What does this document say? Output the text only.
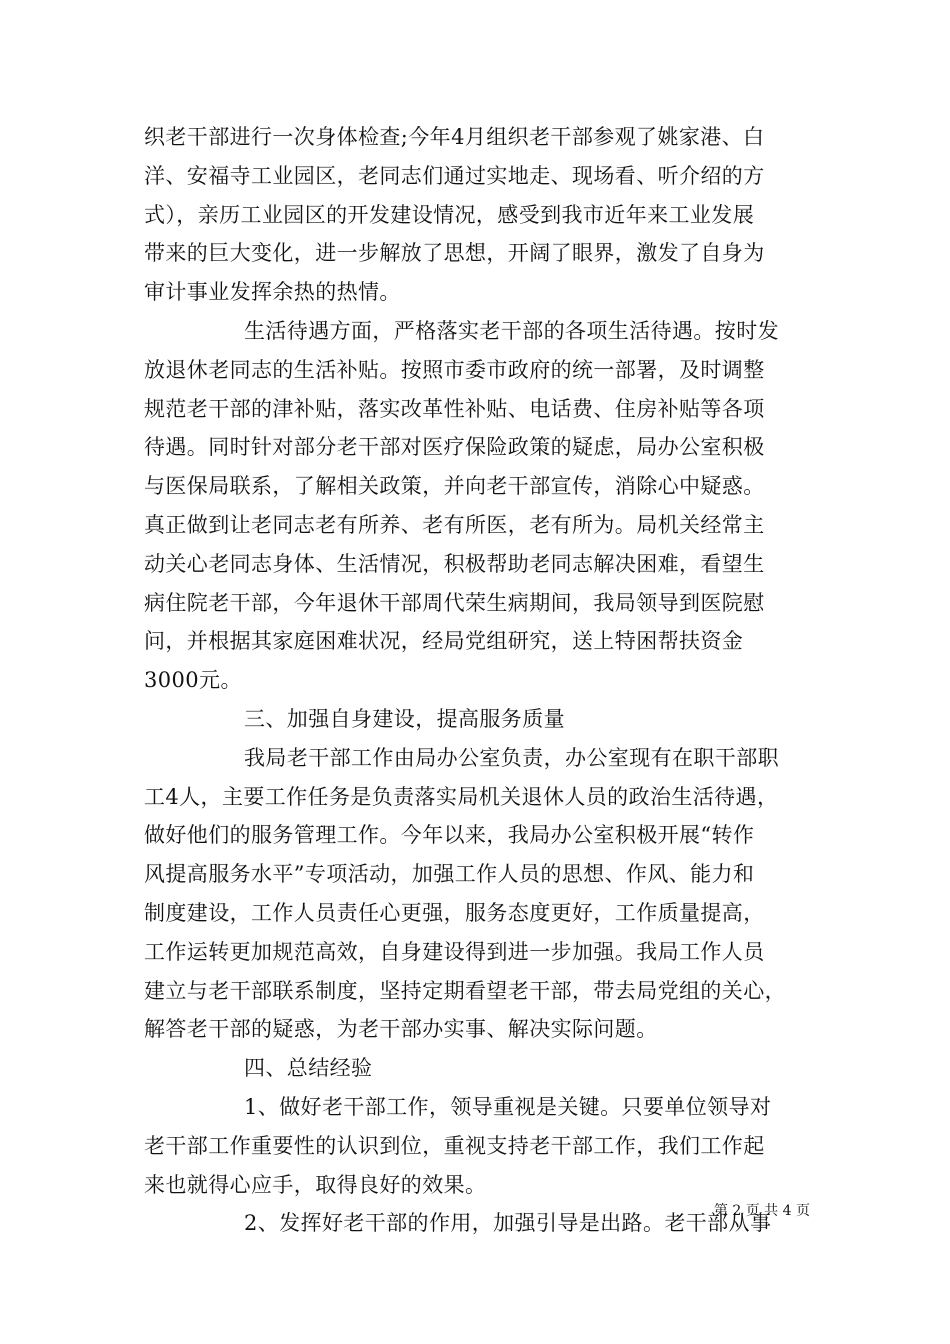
织老干部进行一次身体检查;今年4月组织老干部参观了姚家港、白
洋、安福寺工业园区，老同志们通过实地走、现场看、听介绍的方
式），亲历工业园区的开发建设情况，感受到我市近年来工业发展
带来的巨大变化，进一步解放了思想，开阔了眼界，激发了自身为
审计事业发挥余热的热情。
生活待遇方面，严格落实老干部的各项生活待遇。按时发
放退休老同志的生活补贴。按照市委市政府的统一部署，及时调整
规范老干部的津补贴，落实改革性补贴、电话费、住房补贴等各项
待遇。同时针对部分老干部对医疗保险政策的疑虑，局办公室积极
与医保局联系，了解相关政策，并向老干部宣传，消除心中疑惑。
真正做到让老同志老有所养、老有所医，老有所为。局机关经常主
动关心老同志身体、生活情况，积极帮助老同志解决困难，看望生
病住院老干部，今年退休干部周代荣生病期间，我局领导到医院慰
问，并根据其家庭困难状况，经局党组研究，送上特困帮扶资金
3000元。
三、加强自身建设，提高服务质量
我局老干部工作由局办公室负责，办公室现有在职干部职
工4人，主要工作任务是负责落实局机关退休人员的政治生活待遇，
做好他们的服务管理工作。今年以来，我局办公室积极开展“转作
风提高服务水平”专项活动，加强工作人员的思想、作风、能力和
制度建设，工作人员责任心更强，服务态度更好，工作质量提高，
工作运转更加规范高效，自身建设得到进一步加强。我局工作人员
建立与老干部联系制度，坚持定期看望老干部，带去局党组的关心，
解答老干部的疑惑，为老干部办实事、解决实际问题。
四、总结经验
1、做好老干部工作，领导重视是关键。只要单位领导对
老干部工作重要性的认识到位，重视支持老干部工作，我们工作起
来也就得心应手，取得良好的效果。
2、发挥好老干部的作用，加强引导是出路。老干部从事
第 2 页 共 4 页
